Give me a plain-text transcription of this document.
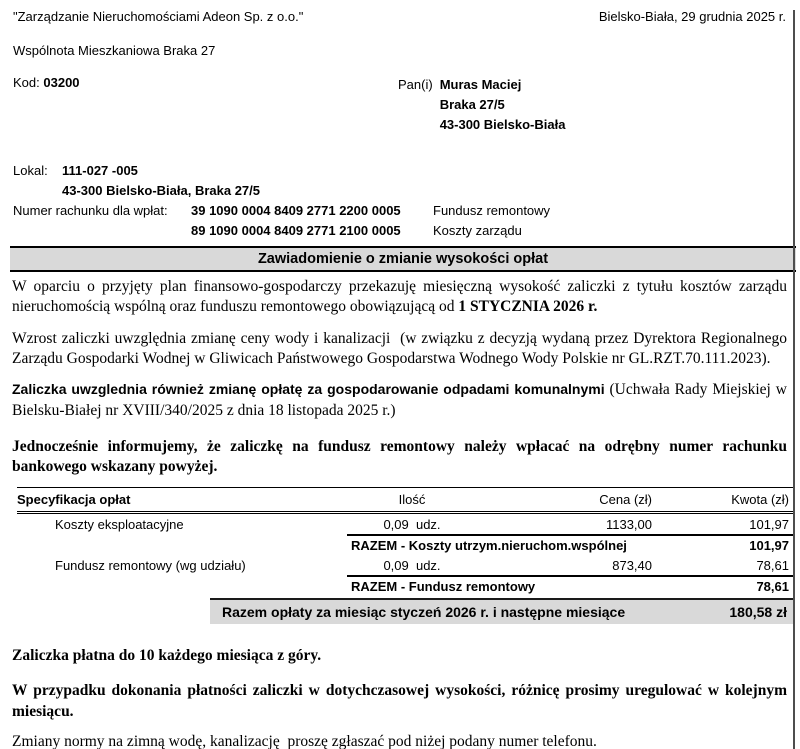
"Zarządzanie Nieruchomościami Adeon Sp. z o.o."	Bielsko-Biała, 29 grudnia 2025 r.
Wspólnota Mieszkaniowa Braka 27
Kod: 03200	Pan(i) Muras Maciej
Braka 27/5
43-300 Bielsko-Biała
Lokal:	111-027 -005
43-300 Bielsko-Biała, Braka 27/5
Numer rachunku dla wpłat:	39 1090 0004 8409 2771 2200 0005	Fundusz remontowy
89 1090 0004 8409 2771 2100 0005	Koszty zarządu
Zawiadomienie o zmianie wysokości opłat
W oparciu o przyjęty plan finansowo-gospodarczy przekazuję miesięczną wysokość zaliczki z tytułu kosztów zarządu nieruchomością wspólną oraz funduszu remontowego obowiązującą od 1 STYCZNIA 2026 r.
Wzrost zaliczki uwzględnia zmianę ceny wody i kanalizacji  (w związku z decyzją wydaną przez Dyrektora Regionalnego Zarządu Gospodarki Wodnej w Gliwicach Państwowego Gospodarstwa Wodnego Wody Polskie nr GL.RZT.70.111.2023).
Zaliczka uwzglednia również zmianę opłatę za gospodarowanie odpadami komunalnymi (Uchwała Rady Miejskiej w Bielsku-Białej nr XVIII/340/2025 z dnia 18 listopada 2025 r.)
Jednocześnie informujemy, że zaliczkę na fundusz remontowy należy wpłacać na odrębny numer rachunku bankowego wskazany powyżej.
Specyfikacja opłat	Ilość	Cena (zł)	Kwota (zł)
Koszty eksploatacyjne	0,09  udz.	1133,00	101,97
RAZEM - Koszty utrzym.nieruchom.wspólnej	101,97
Fundusz remontowy (wg udziału)	0,09  udz.	873,40	78,61
RAZEM - Fundusz remontowy	78,61
Razem opłaty za miesiąc styczeń 2026 r. i następne miesiące	180,58 zł
Zaliczka płatna do 10 każdego miesiąca z góry.
W przypadku dokonania płatności zaliczki w dotychczasowej wysokości, różnicę prosimy uregulować w kolejnym miesiącu.
Zmiany normy na zimną wodę, kanalizację  proszę zgłaszać pod niżej podany numer telefonu.
